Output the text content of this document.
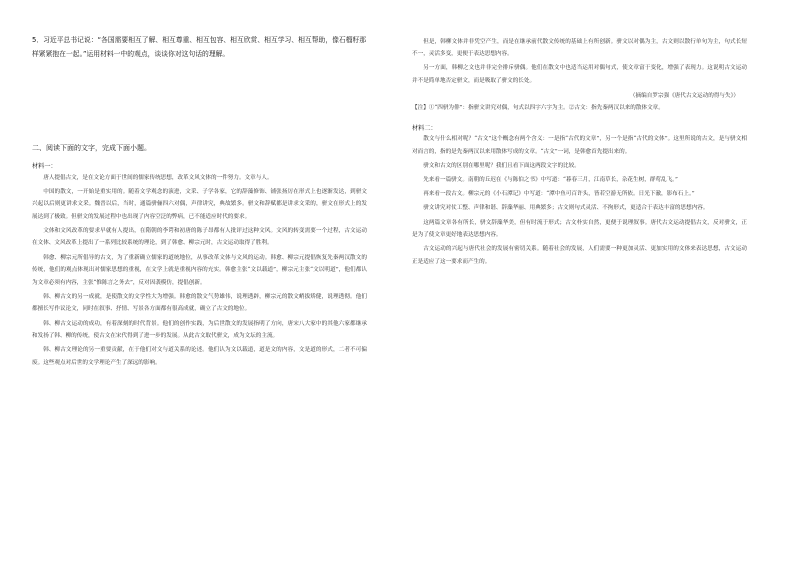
5．习近平总书记说：“各国需要相互了解、相互尊重、相互包容、相互欣赏、相互学习、相互帮助，像石榴籽那样紧紧抱在一起。”运用材料一中的观点，谈谈你对这句话的理解。

二、阅读下面的文字，完成下面小题。

材料一：

唐人提倡古文，是在文论方面于世间的儒家传统思想，改革文风文体的一件努力。文章与人。

中国的散文，一开始是重实用的。随着文学观念的演进，文采、子学各家，它的辞藻修饰、铺张扬厉在形式上也逐渐发达，到骈文兴起以后则更讲求文采。魏晋以后，当时，通篇骈俪四六对偶，声律讲究，典故繁多。骈文和辞赋都是讲求文采的，骈文在形式上的发展达到了极致。但骈文的发展过程中也出现了内容空泛的弊病，已不能适应时代的要求。

文体和文风改革的要求早就有人提出，在隋朝的李谔和初唐的陈子昂都有人批评过这种文风。文风的转变需要一个过程，古文运动在文体、文风改革上提出了一系列比较系统的理论，到了韩愈、柳宗元时，古文运动取得了胜利。

韩愈、柳宗元所倡导的古文，为了重新确立儒家的道统地位，从事改革文体与文风的运动。韩愈、柳宗元提倡恢复先秦两汉散文的传统，他们的观点体现出对儒家思想的重视，在文学上就是重视内容的充实。韩愈主张“文以载道”，柳宗元主张“文以明道”，他们都认为文章必须有内容，主张“惟陈言之务去”，反对因袭模仿，提倡创新。

韩、柳古文的另一成就，是使散文的文学性大为增强。韩愈的散文气势雄伟，说理透辟，柳宗元的散文峭拔矫健，说理透彻。他们都擅长写作议论文，同时在叙事、抒情、写景各方面都有很高成就，确立了古文的地位。

韩、柳古文运动的成功，有着深刻的时代背景。他们的创作实践，为后世散文的发展指明了方向，唐宋八大家中的其他六家都继承和发扬了韩、柳的传统，使古文在宋代得到了进一步的发展。从此古文取代骈文，成为文坛的主流。

韩、柳古文理论的另一重要贡献，在于他们对文与道关系的论述。他们认为文以载道，道是文的内容，文是道的形式，二者不可偏废。这些观点对后世的文学理论产生了深远的影响。

但是，韩柳文体并非凭空产生，而是在继承前代散文传统的基础上有所创新。骈文以对偶为主，古文则以散行单句为主，句式长短不一，灵活多变，更便于表达思想内容。

另一方面，韩柳之文也并非完全排斥骈偶。他们在散文中也适当运用对偶句式，使文章富于变化，增强了表现力。这说明古文运动并不是简单地否定骈文，而是吸取了骈文的长处。

（摘编自罗宗强《唐代古文运动的得与失》）

【注】①“四骈为俳”：指骈文讲究对偶，句式以四字六字为主。②古文：指先秦两汉以来的散体文章。

材料二：

散文与什么相对呢？“古文”这个概念有两个含义：一是指“古代的文章”，另一个是指“古代的文体”。这里所说的古文，是与骈文相对而言的，指的是先秦两汉以来用散体写成的文章。“古文”一词，是韩愈首先提出来的。

骈文和古文的区别在哪里呢？我们且看下面这两段文字的比较。

先来看一篇骈文。南朝的丘迟在《与陈伯之书》中写道：“暮春三月，江南草长，杂花生树，群莺乱飞。”

再来看一段古文。柳宗元的《小石潭记》中写道：“潭中鱼可百许头，皆若空游无所依。日光下澈，影布石上。”

骈文讲究对仗工整、声律和谐、辞藻华丽、用典繁多；古文则句式灵活、不拘形式，更适合于表达丰富的思想内容。

这两篇文章各有所长，骈文辞藻华美，但有时流于形式；古文朴实自然，更便于说理叙事。唐代古文运动提倡古文，反对骈文，正是为了使文章更好地表达思想内容。

古文运动的兴起与唐代社会的发展有密切关系。随着社会的发展，人们需要一种更加灵活、更加实用的文体来表达思想，古文运动正是适应了这一要求而产生的。
